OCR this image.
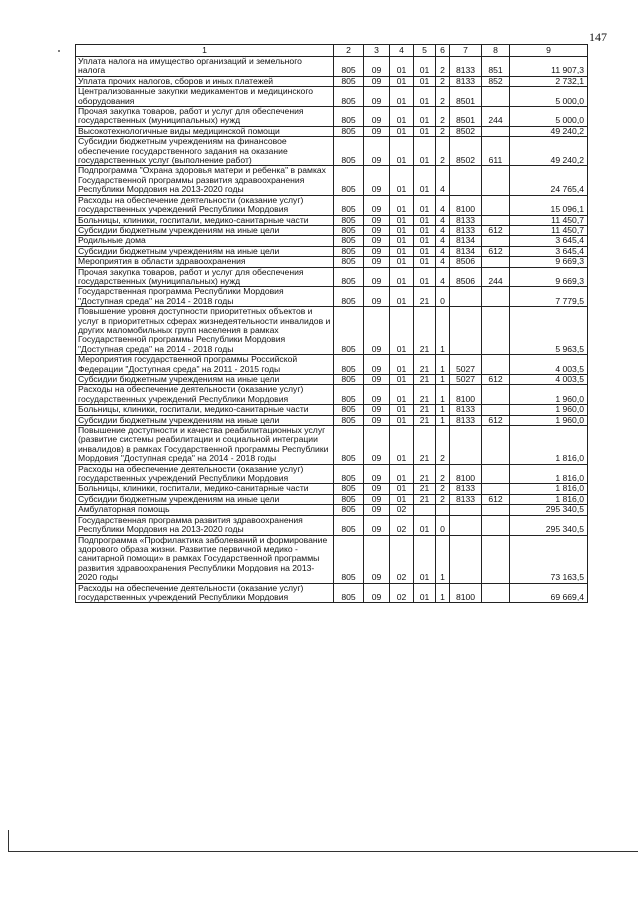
147
1	2	3	4	5	6	7	8	9
Уплата налога на имущество организаций и земельного налога	805	09	01	01	2	8133	851	11 907,3
Уплата прочих налогов, сборов и иных платежей	805	09	01	01	2	8133	852	2 732,1
Централизованные закупки медикаментов и медицинского оборудования	805	09	01	01	2	8501		5 000,0
Прочая закупка товаров, работ и услуг для обеспечения государственных (муниципальных) нужд	805	09	01	01	2	8501	244	5 000,0
Высокотехнологичные виды медицинской помощи	805	09	01	01	2	8502		49 240,2
Субсидии бюджетным учреждениям на финансовое обеспечение государственного задания на оказание государственных услуг (выполнение работ)	805	09	01	01	2	8502	611	49 240,2
Подпрограмма "Охрана здоровья матери и ребенка" в рамках Государственной программы развития здравоохранения Республики Мордовия на 2013-2020 годы	805	09	01	01	4			24 765,4
Расходы на обеспечение деятельности (оказание услуг) государственных учреждений Республики Мордовия	805	09	01	01	4	8100		15 096,1
Больницы, клиники, госпитали, медико-санитарные части	805	09	01	01	4	8133		11 450,7
Субсидии бюджетным учреждениям на иные цели	805	09	01	01	4	8133	612	11 450,7
Родильные дома	805	09	01	01	4	8134		3 645,4
Субсидии бюджетным учреждениям на иные цели	805	09	01	01	4	8134	612	3 645,4
Мероприятия в области здравоохранения	805	09	01	01	4	8506		9 669,3
Прочая закупка товаров, работ и услуг для обеспечения государственных (муниципальных) нужд	805	09	01	01	4	8506	244	9 669,3
Государственная программа Республики Мордовия "Доступная среда" на 2014 - 2018 годы	805	09	01	21	0			7 779,5
Повышение уровня доступности приоритетных объектов и услуг в приоритетных сферах жизнедеятельности инвалидов и других маломобильных групп населения в рамках Государственной программы Республики Мордовия "Доступная среда" на 2014 - 2018 годы	805	09	01	21	1			5 963,5
Мероприятия государственной программы Российской Федерации "Доступная среда" на 2011 - 2015 годы	805	09	01	21	1	5027		4 003,5
Субсидии бюджетным учреждениям на иные цели	805	09	01	21	1	5027	612	4 003,5
Расходы на обеспечение деятельности (оказание услуг) государственных учреждений Республики Мордовия	805	09	01	21	1	8100		1 960,0
Больницы, клиники, госпитали, медико-санитарные части	805	09	01	21	1	8133		1 960,0
Субсидии бюджетным учреждениям на иные цели	805	09	01	21	1	8133	612	1 960,0
Повышение доступности и качества реабилитационных услуг (развитие системы реабилитации и социальной интеграции инвалидов) в рамках Государственной программы Республики Мордовия "Доступная среда" на 2014 - 2018 годы	805	09	01	21	2			1 816,0
Расходы на обеспечение деятельности (оказание услуг) государственных учреждений Республики Мордовия	805	09	01	21	2	8100		1 816,0
Больницы, клиники, госпитали, медико-санитарные части	805	09	01	21	2	8133		1 816,0
Субсидии бюджетным учреждениям на иные цели	805	09	01	21	2	8133	612	1 816,0
Амбулаторная помощь	805	09	02					295 340,5
Государственная программа развития здравоохранения Республики Мордовия на 2013-2020 годы	805	09	02	01	0			295 340,5
Подпрограмма «Профилактика заболеваний и формирование здорового образа жизни. Развитие первичной медико - санитарной помощи» в рамках Государственной программы развития здравоохранения Республики Мордовия на 2013-2020 годы	805	09	02	01	1			73 163,5
Расходы на обеспечение деятельности (оказание услуг) государственных учреждений Республики Мордовия	805	09	02	01	1	8100		69 669,4
